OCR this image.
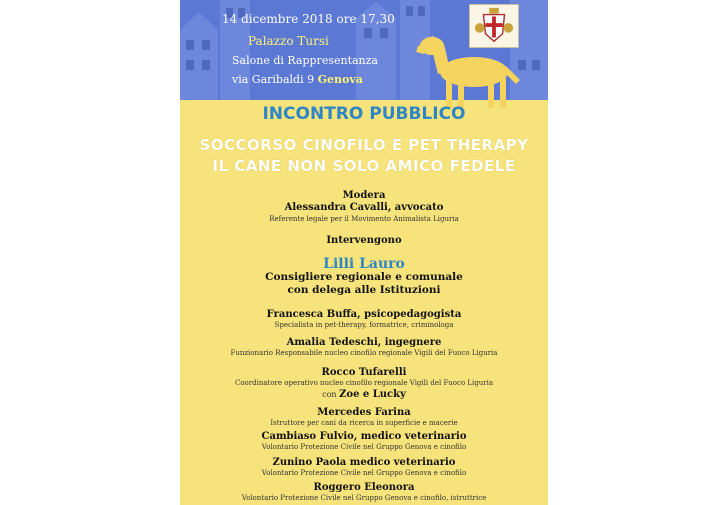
14 dicembre 2018 ore 17,30
Palazzo Tursi
Salone di Rappresentanza
via Garibaldi 9 Genova
INCONTRO PUBBLICO
SOCCORSO CINOFILO E PET THERAPY
IL CANE NON SOLO AMICO FEDELE
Modera
Alessandra Cavalli, avvocato
Referente legale per il Movimento Animalista Liguria
Intervengono
Lilli Lauro
Consigliere regionale e comunale
con delega alle Istituzioni
Francesca Buffa, psicopedagogista
Specialista in pet-therapy, formatrice, criminologa
Amalia Tedeschi, ingegnere
Funzionario Responsabile nucleo cinofilo regionale Vigili del Fuoco Liguria
Rocco Tufarelli
Coordinatore operativo nucleo cinofilo regionale Vigili del Fuoco Liguria
con Zoe e Lucky
Mercedes Farina
Istruttore per cani da ricerca in superficie e macerie
Cambiaso Fulvio, medico veterinario
Volontario Protezione Civile nel Gruppo Genova e cinofilo
Zunino Paola medico veterinario
Volontario Protezione Civile nel Gruppo Genova e cinofilo
Roggero Eleonora
Volontario Protezione Civile nel Gruppo Genova e cinofilo, istruttrice
